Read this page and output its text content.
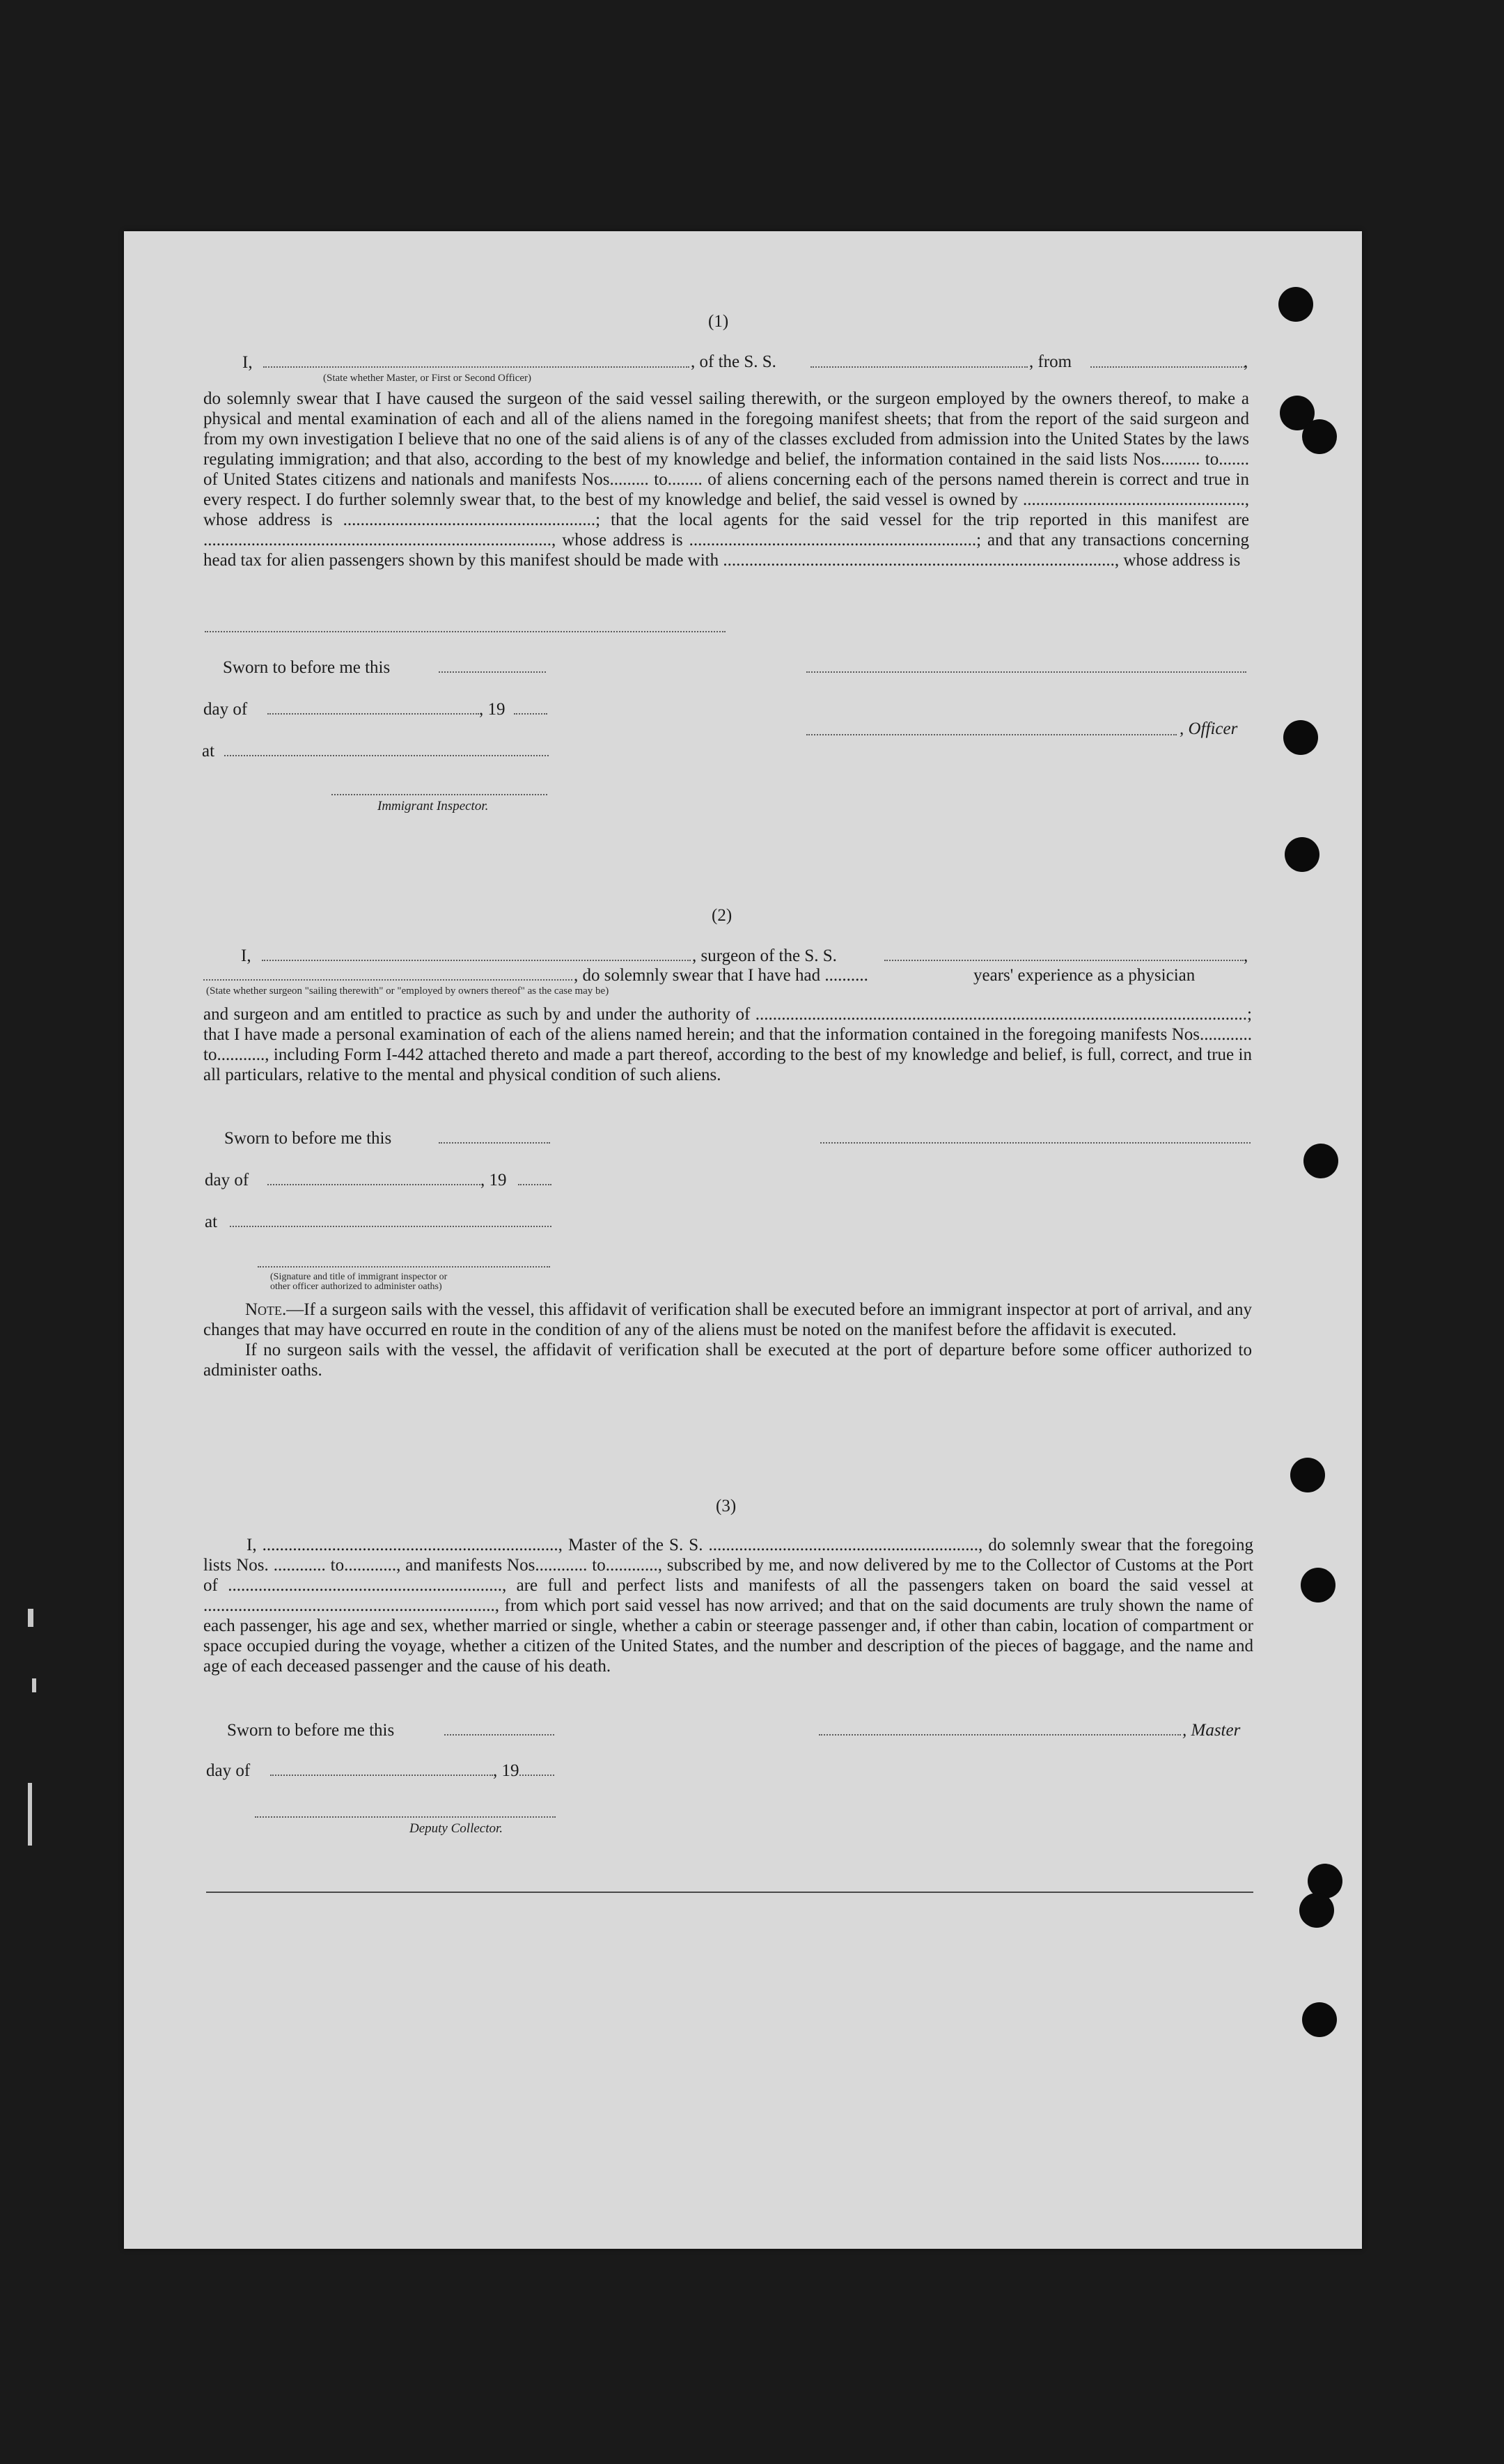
(1)
I,	, of the S. S.	, from	,
(State whether Master, or First or Second Officer)
do solemnly swear that I have caused the surgeon of the said vessel sailing therewith, or the surgeon employed by the owners thereof, to make a physical and mental examination of each and all of the aliens named in the foregoing manifest sheets; that from the report of the said surgeon and from my own investigation I believe that no one of the said aliens is of any of the classes excluded from admission into the United States by the laws regulating immigration; and that also, according to the best of my knowledge and belief, the information contained in the said lists Nos......... to....... of United States citizens and nationals and manifests Nos......... to........ of aliens concerning each of the persons named therein is correct and true in every respect. I do further solemnly swear that, to the best of my knowledge and belief, the said vessel is owned by ..................................................., whose address is ..........................................................; that the local agents for the said vessel for the trip reported in this manifest are ................................................................................, whose address is ..................................................................; and that any transactions concerning head tax for alien passengers shown by this manifest should be made with .........................................................................................., whose address is
Sworn to before me this
day of	, 19
, Officer
at
Immigrant Inspector.
(2)
I,	, surgeon of the S. S.	,
, do solemnly swear that I have had ..........	years' experience as a physician
(State whether surgeon "sailing therewith" or "employed by owners thereof" as the case may be)
and surgeon and am entitled to practice as such by and under the authority of .................................................................................................................; that I have made a personal examination of each of the aliens named herein; and that the information contained in the foregoing manifests Nos............ to..........., including Form I-442 attached thereto and made a part thereof, according to the best of my knowledge and belief, is full, correct, and true in all particulars, relative to the mental and physical condition of such aliens.
Sworn to before me this
day of	, 19
at
(Signature and title of immigrant inspector or
other officer authorized to administer oaths)

Note.—If a surgeon sails with the vessel, this affidavit of verification shall be executed before an immigrant inspector at port of arrival, and any changes that may have occurred en route in the condition of any of the aliens must be noted on the manifest before the affidavit is executed.

If no surgeon sails with the vessel, the affidavit of verification shall be executed at the port of departure before some officer authorized to administer oaths.

(3)
I, ...................................................................., Master of the S. S. .............................................................., do solemnly swear that the foregoing lists Nos. ............ to............, and manifests Nos............ to............, subscribed by me, and now delivered by me to the Collector of Customs at the Port of ..............................................................., are full and perfect lists and manifests of all the passengers taken on board the said vessel at ..................................................................., from which port said vessel has now arrived; and that on the said documents are truly shown the name of each passenger, his age and sex, whether married or single, whether a cabin or steerage passenger and, if other than cabin, location of compartment or space occupied during the voyage, whether a citizen of the United States, and the number and description of the pieces of baggage, and the name and age of each deceased passenger and the cause of his death.
Sworn to before me this	, Master
day of	, 19
Deputy Collector.
